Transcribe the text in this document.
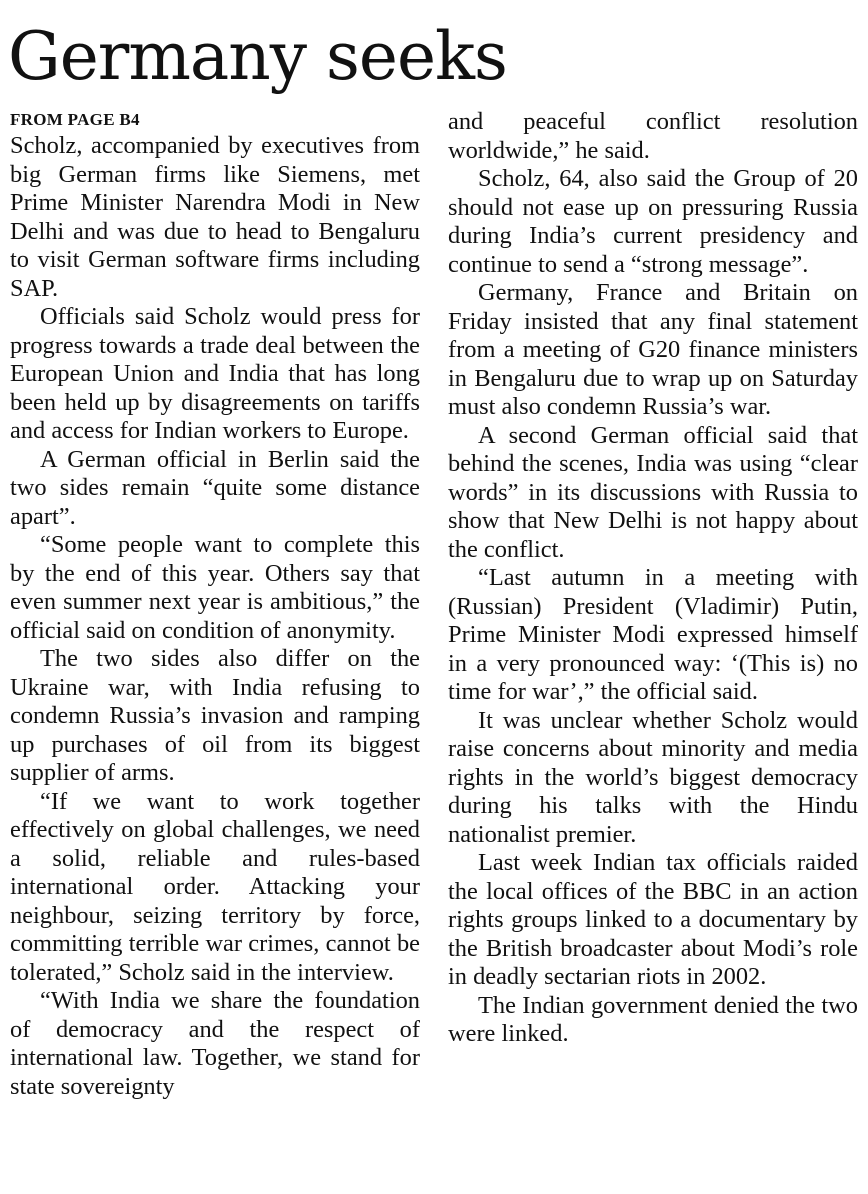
Germany seeks
FROM PAGE B4

Scholz, accompanied by executives from big German firms like Siemens, met Prime Minister Narendra Modi in New Delhi and was due to head to Bengaluru to visit German software firms including SAP.

Officials said Scholz would press for progress towards a trade deal between the European Union and India that has long been held up by disagreements on tariffs and access for Indian workers to Europe.

A German official in Berlin said the two sides remain “quite some distance apart”.

“Some people want to complete this by the end of this year. Others say that even summer next year is ambitious,” the official said on condition of anonymity.

The two sides also differ on the Ukraine war, with India refusing to condemn Russia’s invasion and ramping up purchases of oil from its biggest supplier of arms.

“If we want to work together effectively on global challenges, we need a solid, reliable and rules-based international order. Attacking your neighbour, seizing territory by force, committing terrible war crimes, cannot be tolerated,” Scholz said in the interview.

“With India we share the foundation of democracy and the respect of international law. Together, we stand for state sovereignty

and peaceful conflict resolution worldwide,” he said.

Scholz, 64, also said the Group of 20 should not ease up on pressuring Russia during India’s current presidency and continue to send a “strong message”.

Germany, France and Britain on Friday insisted that any final statement from a meeting of G20 finance ministers in Bengaluru due to wrap up on Saturday must also condemn Russia’s war.

A second German official said that behind the scenes, India was using “clear words” in its discussions with Russia to show that New Delhi is not happy about the conflict.

“Last autumn in a meeting with (Russian) President (Vladimir) Putin, Prime Minister Modi expressed himself in a very pronounced way: ‘(This is) no time for war’,” the official said.

It was unclear whether Scholz would raise concerns about minority and media rights in the world’s biggest democracy during his talks with the Hindu nationalist premier.

Last week Indian tax officials raided the local offices of the BBC in an action rights groups linked to a documentary by the British broadcaster about Modi’s role in deadly sectarian riots in 2002.

The Indian government denied the two were linked.
